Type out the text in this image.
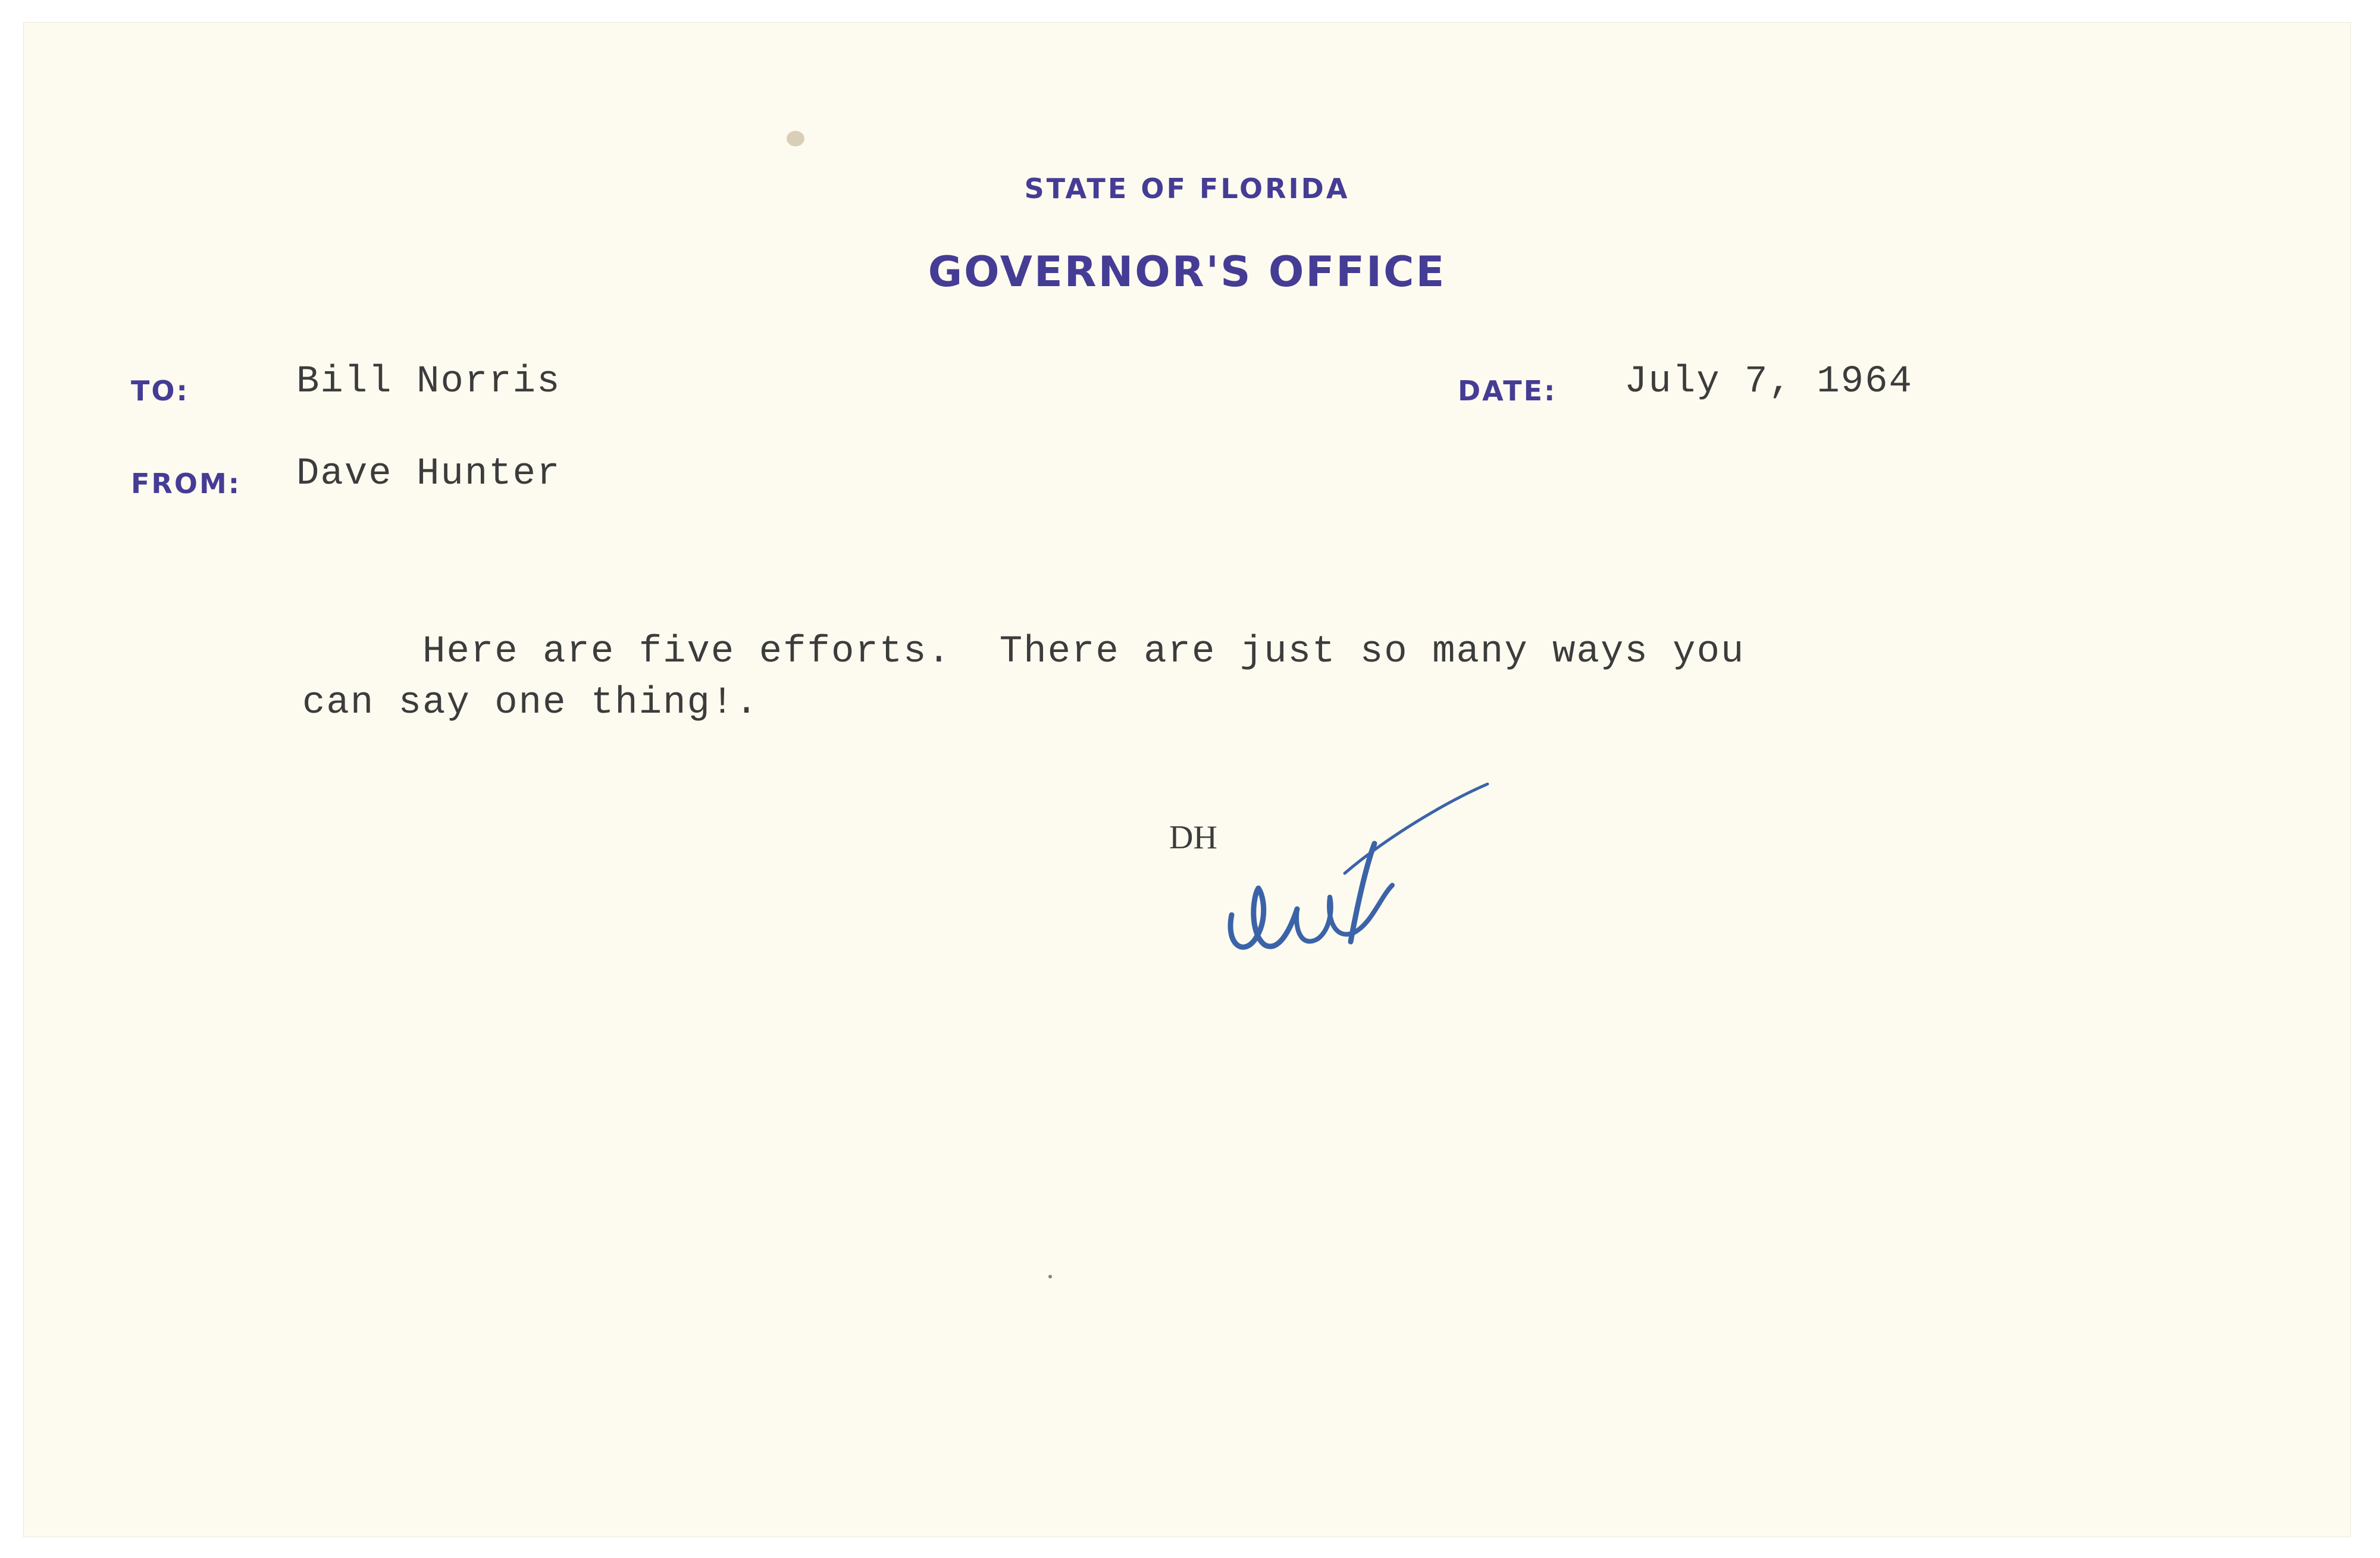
STATE OF FLORIDA
GOVERNOR'S OFFICE
TO:	Bill Norris
FROM: Dave Hunter
DATE: July 7, 1964
Here are five efforts.  There are just so many ways you
can say one thing!.
DH
